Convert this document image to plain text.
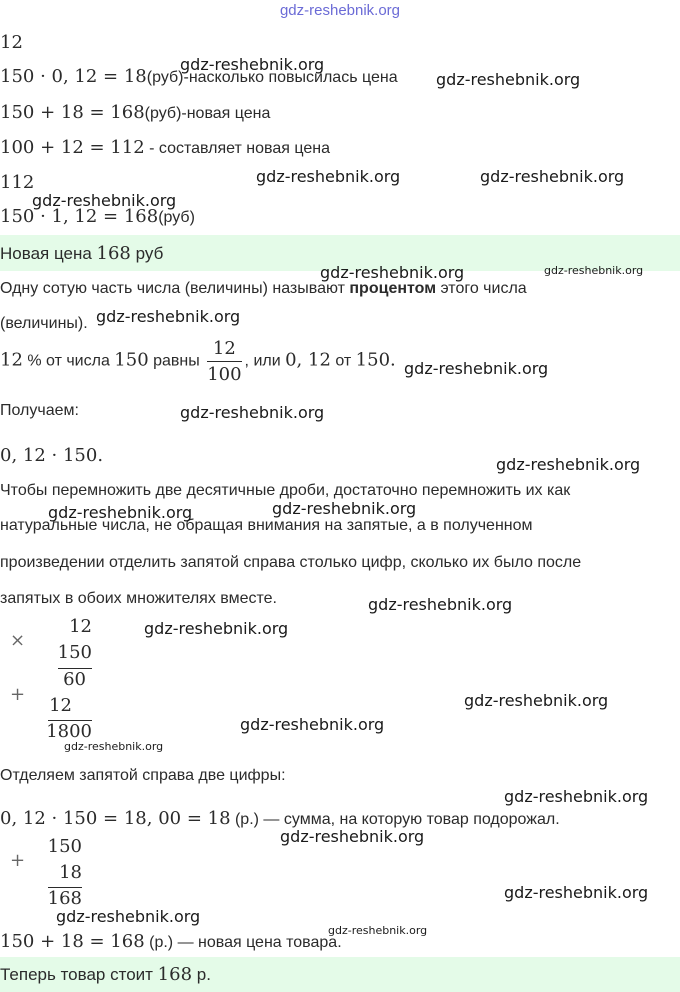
gdz-reshebnik.org
12
150 · 0, 12 = 18(руб)-насколько повысилась цена
150 + 18 = 168(руб)-новая цена
100 + 12 = 112 - составляет новая цена
112
150 · 1, 12 = 168(руб)
Новая цена 168 руб
Одну сотую часть числа (величины) называют процентом этого числа
(величины).
12 % от числа 150 равны $\frac{12}{100}$ , или 0, 12 от 150.
Получаем:
0, 12 · 150.
Чтобы перемножить две десятичные дроби, достаточно перемножить их как
натуральные числа, не обращая внимания на запятые, а в полученном
произведении отделить запятой справа столько цифр, сколько их было после
запятых в обоих множителях вместе.
×
12
150
60
+
12
1800
Отделяем запятой справа две цифры:
0, 12 · 150 = 18, 00 = 18 (р.) — сумма, на которую товар подорожал.
+
150
18
168
150 + 18 = 168 (р.) — новая цена товара.
Теперь товар стоит 168 р.
gdz-reshebnik.org
gdz-reshebnik.org
gdz-reshebnik.org
gdz-reshebnik.org	gdz-reshebnik.org
gdz-reshebnik.org	gdz-reshebnik.org
gdz-reshebnik.org
gdz-reshebnik.org
gdz-reshebnik.org
gdz-reshebnik.org
gdz-reshebnik.org	gdz-reshebnik.org
gdz-reshebnik.org
gdz-reshebnik.org
gdz-reshebnik.org
gdz-reshebnik.org
gdz-reshebnik.org
gdz-reshebnik.org
gdz-reshebnik.org
gdz-reshebnik.org
gdz-reshebnik.org
gdz-reshebnik.org
